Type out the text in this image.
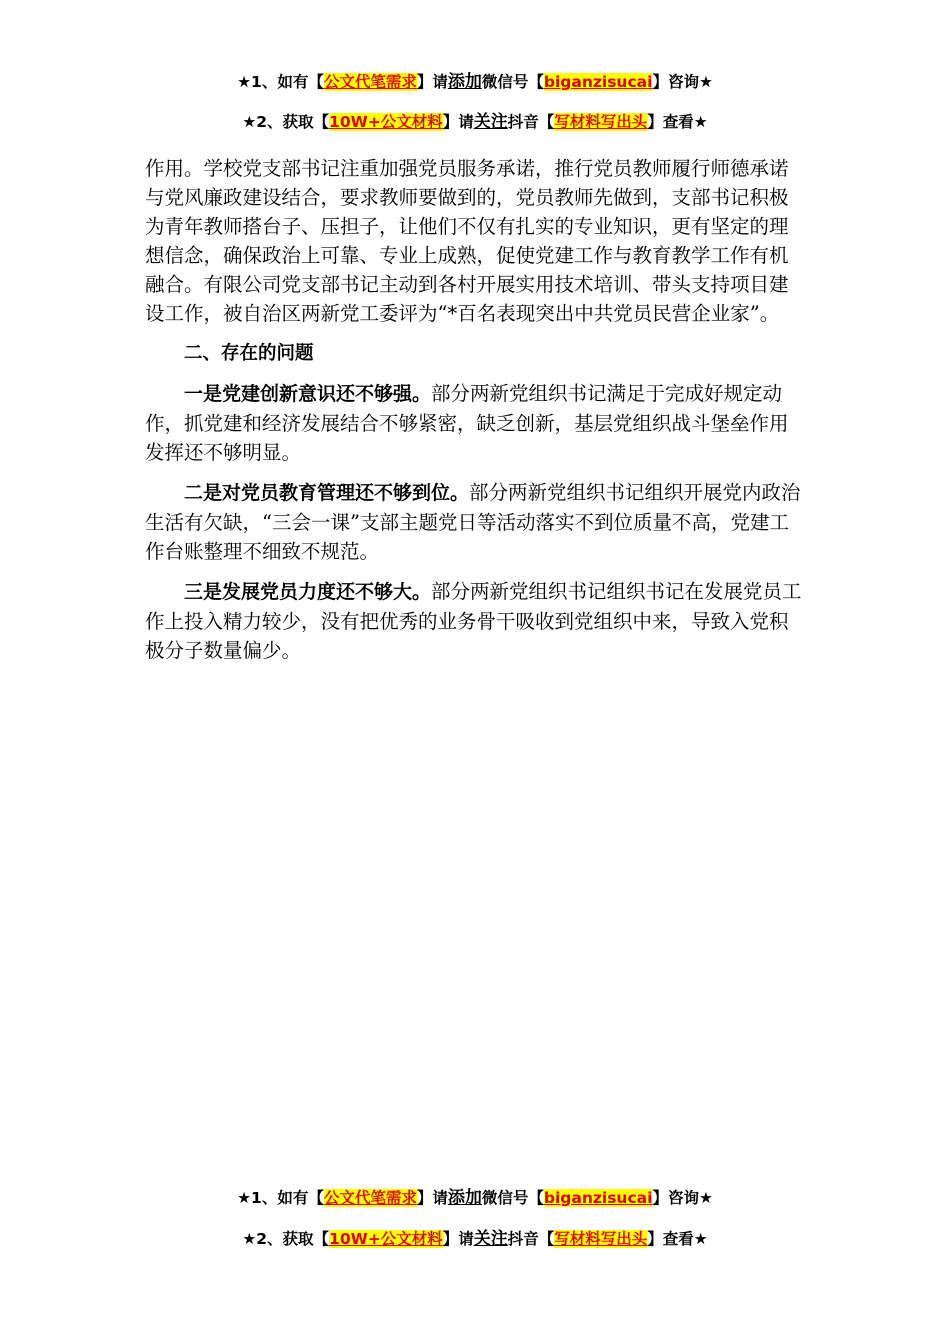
★1、如有【公文代笔需求】请添加微信号【biganzisucai】咨询★
★2、获取【10W+公文材料】请关注抖音【写材料写出头】查看★

作用。学校党支部书记注重加强党员服务承诺，推行党员教师履行师德承诺与党风廉政建设结合，要求教师要做到的，党员教师先做到，支部书记积极为青年教师搭台子、压担子，让他们不仅有扎实的专业知识，更有坚定的理想信念，确保政治上可靠、专业上成熟，促使党建工作与教育教学工作有机融合。有限公司党支部书记主动到各村开展实用技术培训、带头支持项目建设工作，被自治区两新党工委评为“*百名表现突出中共党员民营企业家”。

二、存在的问题

一是党建创新意识还不够强。部分两新党组织书记满足于完成好规定动作，抓党建和经济发展结合不够紧密，缺乏创新，基层党组织战斗堡垒作用发挥还不够明显。

二是对党员教育管理还不够到位。部分两新党组织书记组织开展党内政治生活有欠缺，“三会一课”支部主题党日等活动落实不到位质量不高，党建工作台账整理不细致不规范。

三是发展党员力度还不够大。部分两新党组织书记组织书记在发展党员工作上投入精力较少，没有把优秀的业务骨干吸收到党组织中来，导致入党积极分子数量偏少。

★1、如有【公文代笔需求】请添加微信号【biganzisucai】咨询★
★2、获取【10W+公文材料】请关注抖音【写材料写出头】查看★
